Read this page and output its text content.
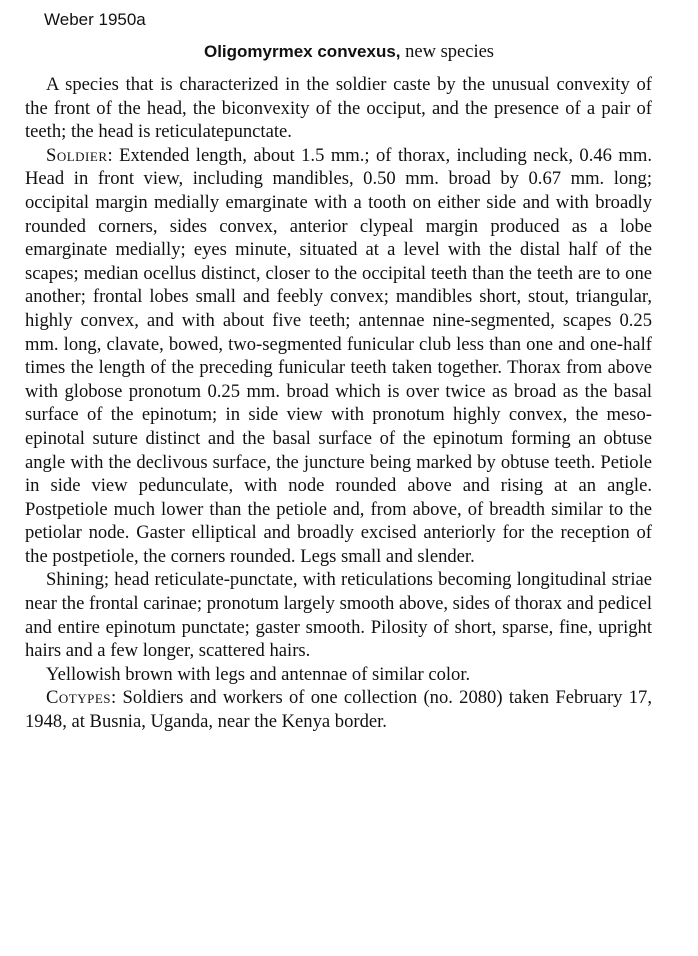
Weber 1950a
Oligomyrmex convexus, new species

A species that is characterized in the soldier caste by the unusual convexity of the front of the head, the biconvexity of the occiput, and the presence of a pair of teeth; the head is reticulatepunctate.

Soldier: Extended length, about 1.5 mm.; of thorax, including neck, 0.46 mm. Head in front view, including mandibles, 0.50 mm. broad by 0.67 mm. long; occipital margin medially emarginate with a tooth on either side and with broadly rounded corners, sides convex, anterior clypeal margin produced as a lobe emarginate medially; eyes minute, situated at a level with the distal half of the scapes; median ocellus distinct, closer to the occipital teeth than the teeth are to one another; frontal lobes small and feebly convex; mandibles short, stout, triangular, highly convex, and with about five teeth; antennae nine-segmented, scapes 0.25 mm. long, clavate, bowed, two-segmented funicular club less than one and one-half times the length of the preceding funicular teeth taken together. Thorax from above with globose pronotum 0.25 mm. broad which is over twice as broad as the basal surface of the epinotum; in side view with pronotum highly convex, the meso-epinotal suture distinct and the basal surface of the epinotum forming an obtuse angle with the declivous surface, the juncture being marked by obtuse teeth. Petiole in side view pedunculate, with node rounded above and rising at an angle. Postpetiole much lower than the petiole and, from above, of breadth similar to the petiolar node. Gaster elliptical and broadly excised anteriorly for the reception of the postpetiole, the corners rounded. Legs small and slender.

Shining; head reticulate-punctate, with reticulations becoming longitudinal striae near the frontal carinae; pronotum largely smooth above, sides of thorax and pedicel and entire epinotum punctate; gaster smooth. Pilosity of short, sparse, fine, upright hairs and a few longer, scattered hairs.

Yellowish brown with legs and antennae of similar color.

Cotypes: Soldiers and workers of one collection (no. 2080) taken February 17, 1948, at Busnia, Uganda, near the Kenya border.
